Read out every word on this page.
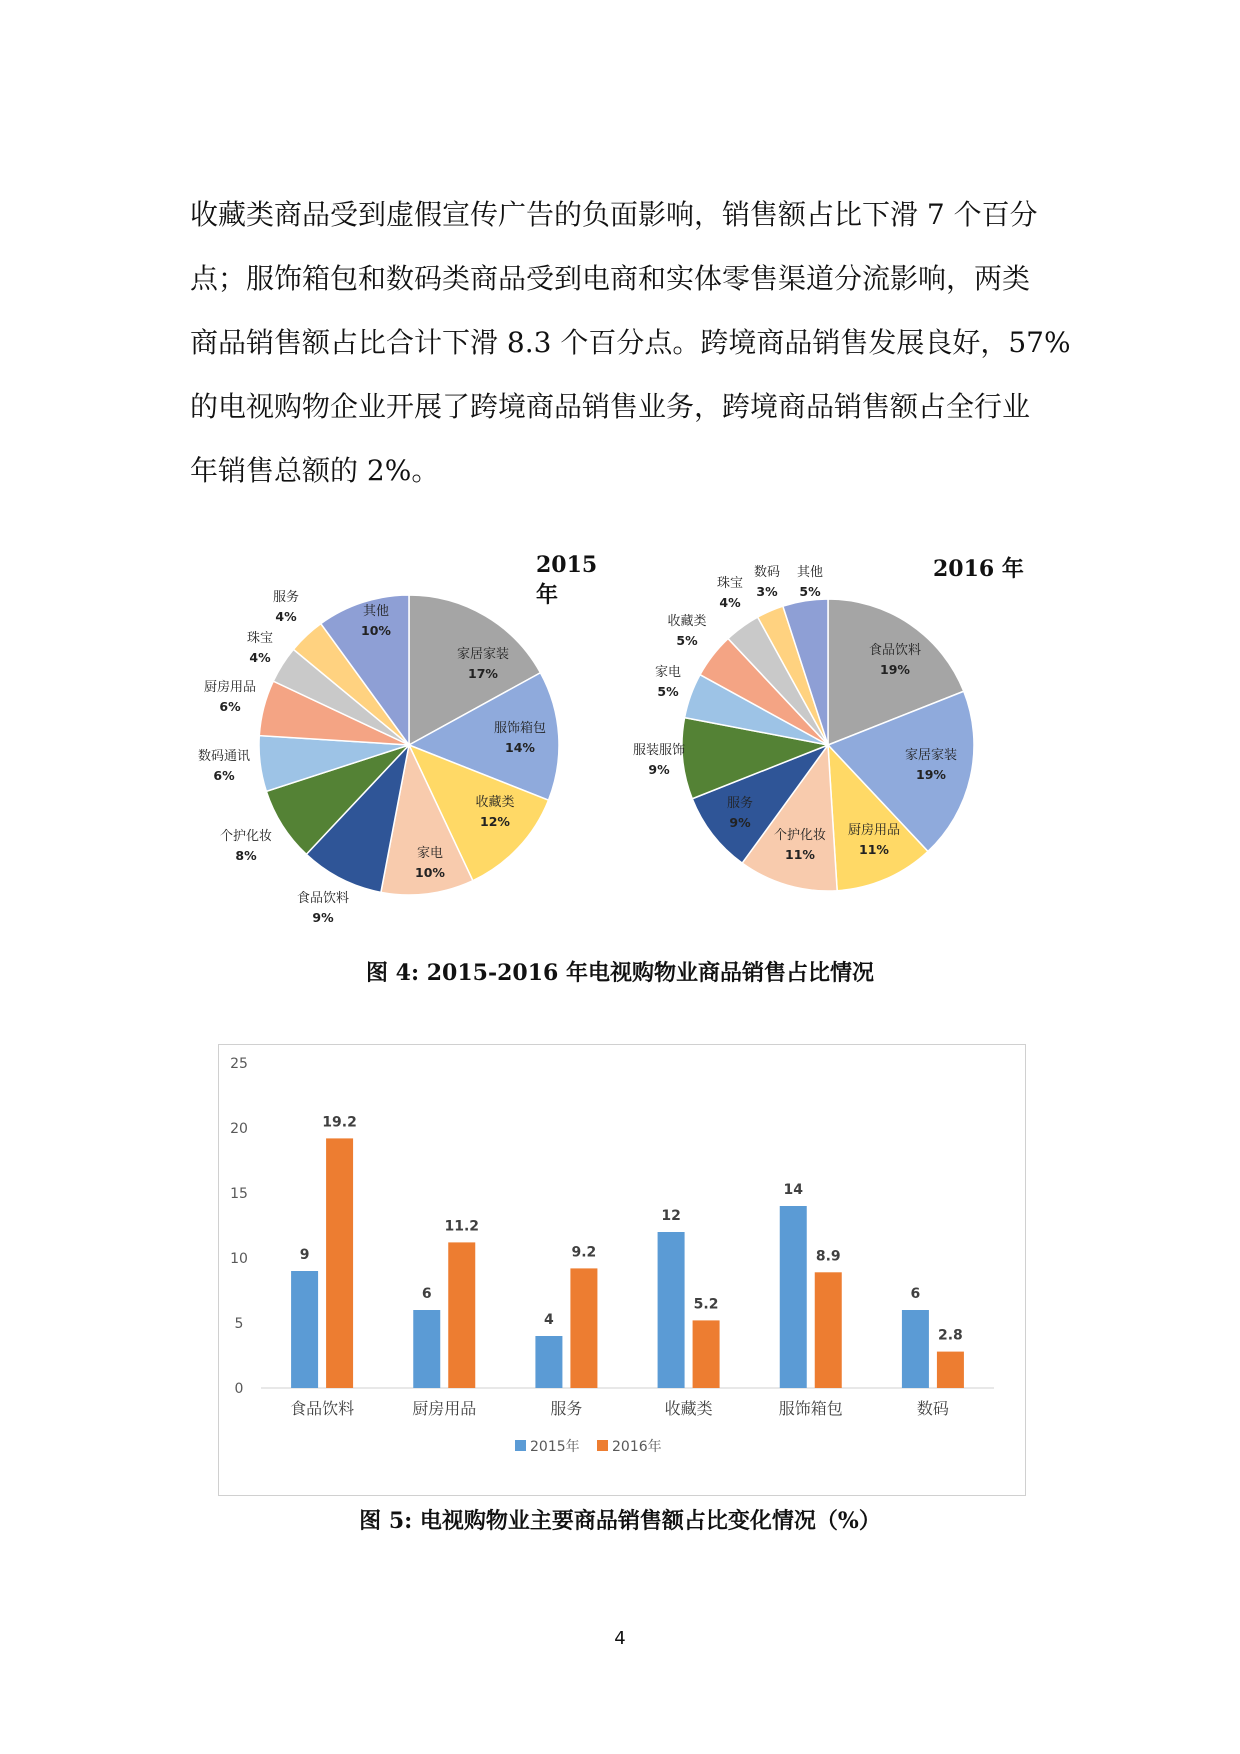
收藏类商品受到虚假宣传广告的负面影响，销售额占比下滑 7 个百分

点；服饰箱包和数码类商品受到电商和实体零售渠道分流影响，两类

商品销售额占比合计下滑 8.3 个百分点。跨境商品销售发展良好，57%

的电视购物企业开展了跨境商品销售业务，跨境商品销售额占全行业

年销售总额的 2%。

2015 年
家居家装
17%
服饰箱包
14%
收藏类
12%
家电
10%
食品饮料
9%
个护化妆
8%
数码通讯
6%
厨房用品
6%
珠宝
4%
服务
4%	其他
10%
2016 年
食品饮料
19%
家居家装
19%
厨房用品
11%
个护化妆
11%
服务
9%
服装服饰
9%
家电
5%
收藏类
5%
珠宝
4%
数码
3%
其他
5%
图 4: 2015-2016 年电视购物业商品销售占比情况
0
5
10
15
20
25
9
19.2
食品饮料
6
11.2
厨房用品
4
9.2
服务
12
5.2
收藏类
14
8.9
服饰箱包
6
2.8
数码
2015年 2016年
图 5: 电视购物业主要商品销售额占比变化情况（%）
4
